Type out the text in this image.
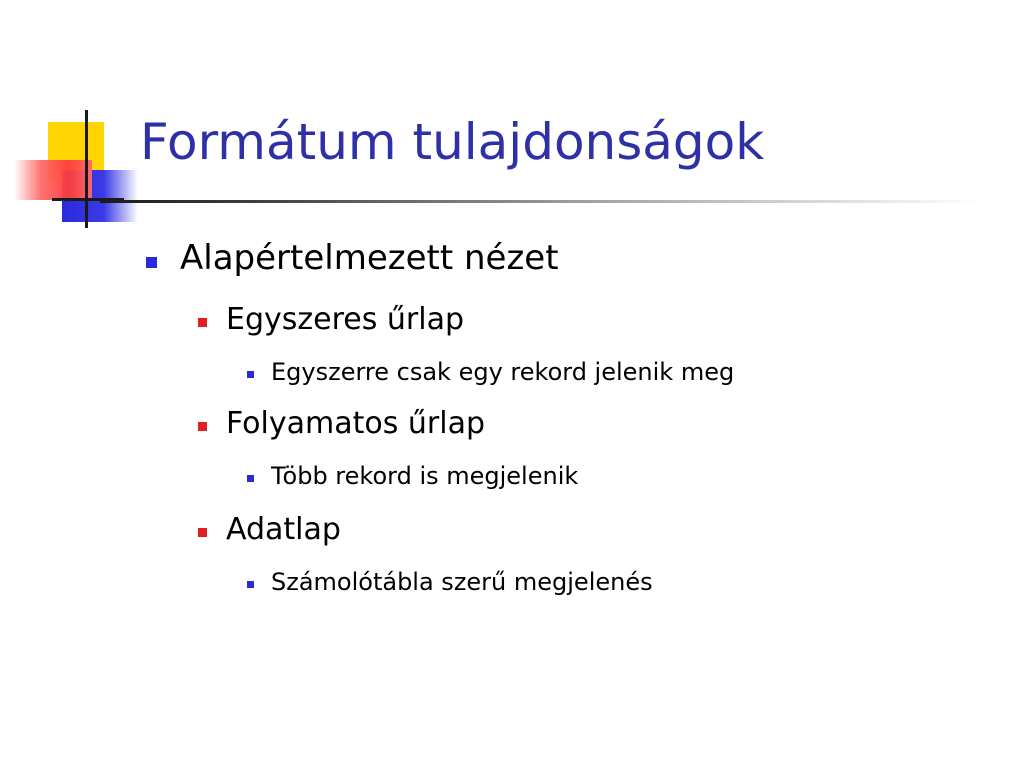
Formátum tulajdonságok
Alapértelmezett nézet
Egyszeres űrlap
Egyszerre csak egy rekord jelenik meg
Folyamatos űrlap
Több rekord is megjelenik
Adatlap
Számolótábla szerű megjelenés
